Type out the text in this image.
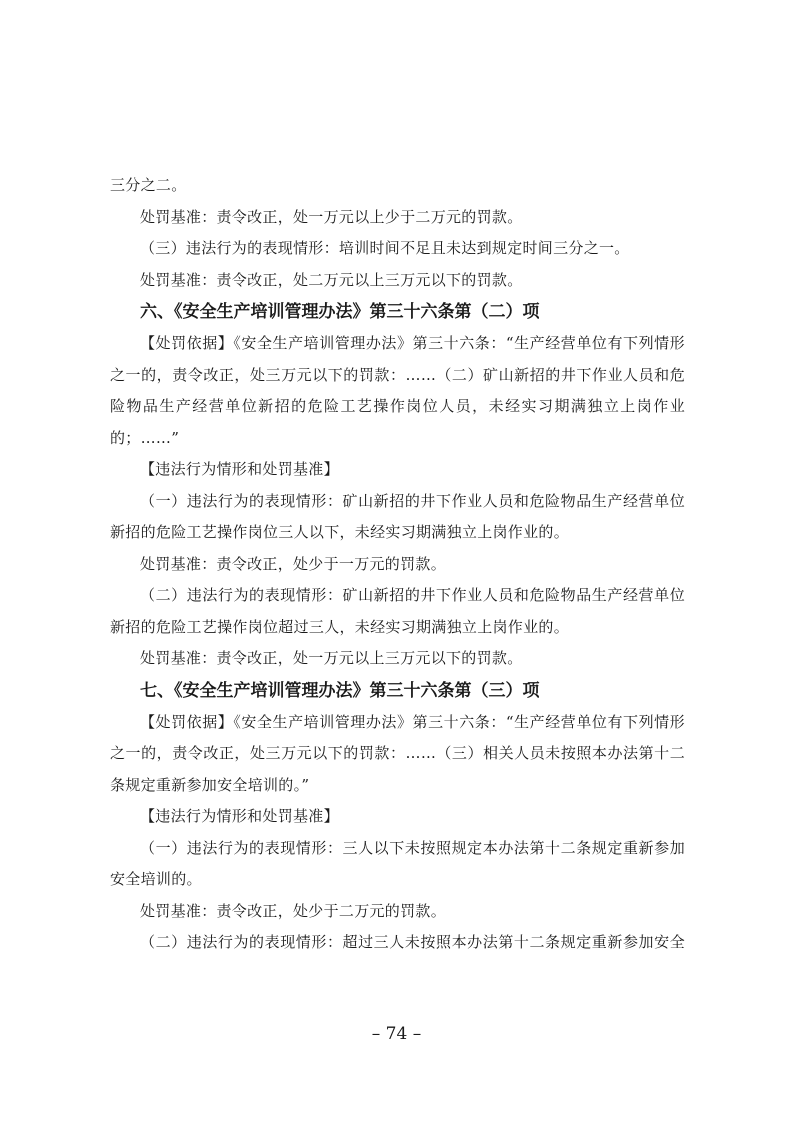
三分之二。
处罚基准：责令改正，处一万元以上少于二万元的罚款。
（三）违法行为的表现情形：培训时间不足且未达到规定时间三分之一。
处罚基准：责令改正，处二万元以上三万元以下的罚款。
六、《安全生产培训管理办法》第三十六条第（二）项
【处罚依据】《安全生产培训管理办法》第三十六条：“生产经营单位有下列情形
之一的，责令改正，处三万元以下的罚款：……（二）矿山新招的井下作业人员和危
险物品生产经营单位新招的危险工艺操作岗位人员，未经实习期满独立上岗作业
的；……”
【违法行为情形和处罚基准】
（一）违法行为的表现情形：矿山新招的井下作业人员和危险物品生产经营单位
新招的危险工艺操作岗位三人以下，未经实习期满独立上岗作业的。
处罚基准：责令改正，处少于一万元的罚款。
（二）违法行为的表现情形：矿山新招的井下作业人员和危险物品生产经营单位
新招的危险工艺操作岗位超过三人，未经实习期满独立上岗作业的。
处罚基准：责令改正，处一万元以上三万元以下的罚款。
七、《安全生产培训管理办法》第三十六条第（三）项
【处罚依据】《安全生产培训管理办法》第三十六条：“生产经营单位有下列情形
之一的，责令改正，处三万元以下的罚款：……（三）相关人员未按照本办法第十二
条规定重新参加安全培训的。”
【违法行为情形和处罚基准】
（一）违法行为的表现情形：三人以下未按照规定本办法第十二条规定重新参加
安全培训的。
处罚基准：责令改正，处少于二万元的罚款。
（二）违法行为的表现情形：超过三人未按照本办法第十二条规定重新参加安全
– 74 –
